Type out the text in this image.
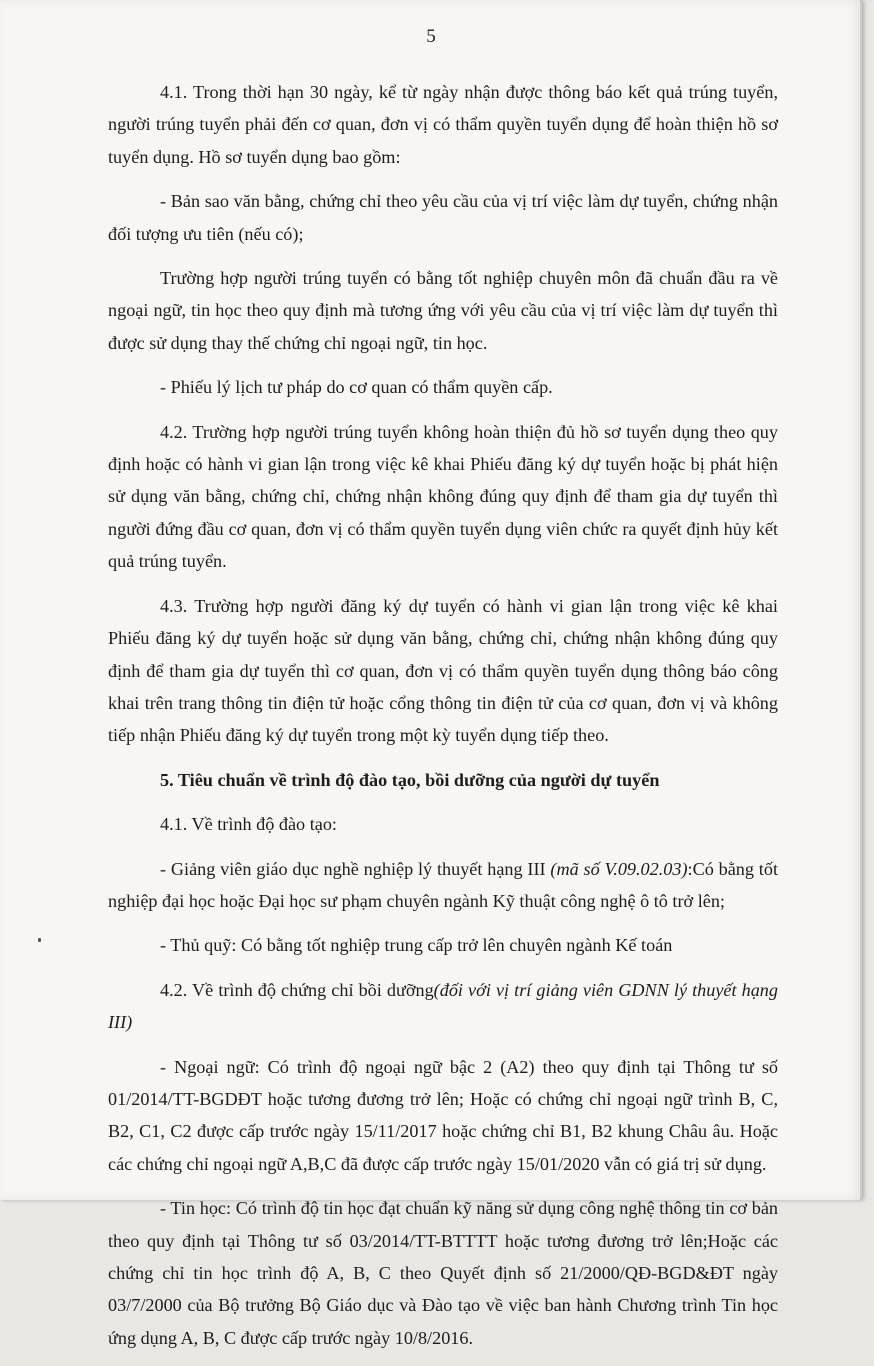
5

4.1. Trong thời hạn 30 ngày, kể từ ngày nhận được thông báo kết quả trúng tuyển, người trúng tuyển phải đến cơ quan, đơn vị có thẩm quyền tuyển dụng để hoàn thiện hồ sơ tuyển dụng. Hồ sơ tuyển dụng bao gồm:

- Bản sao văn bằng, chứng chỉ theo yêu cầu của vị trí việc làm dự tuyển, chứng nhận đối tượng ưu tiên (nếu có);

Trường hợp người trúng tuyển có bằng tốt nghiệp chuyên môn đã chuẩn đầu ra về ngoại ngữ, tin học theo quy định mà tương ứng với yêu cầu của vị trí việc làm dự tuyển thì được sử dụng thay thế chứng chỉ ngoại ngữ, tin học.

- Phiếu lý lịch tư pháp do cơ quan có thẩm quyền cấp.

4.2. Trường hợp người trúng tuyển không hoàn thiện đủ hồ sơ tuyển dụng theo quy định hoặc có hành vi gian lận trong việc kê khai Phiếu đăng ký dự tuyển hoặc bị phát hiện sử dụng văn bằng, chứng chỉ, chứng nhận không đúng quy định để tham gia dự tuyển thì người đứng đầu cơ quan, đơn vị có thẩm quyền tuyển dụng viên chức ra quyết định hủy kết quả trúng tuyển.

4.3. Trường hợp người đăng ký dự tuyển có hành vi gian lận trong việc kê khai Phiếu đăng ký dự tuyển hoặc sử dụng văn bằng, chứng chỉ, chứng nhận không đúng quy định để tham gia dự tuyển thì cơ quan, đơn vị có thẩm quyền tuyển dụng thông báo công khai trên trang thông tin điện tử hoặc cổng thông tin điện tử của cơ quan, đơn vị và không tiếp nhận Phiếu đăng ký dự tuyển trong một kỳ tuyển dụng tiếp theo.

5. Tiêu chuẩn về trình độ đào tạo, bồi dưỡng của người dự tuyển

4.1. Về trình độ đào tạo:

- Giảng viên giáo dục nghề nghiệp lý thuyết hạng III (mã số V.09.02.03):Có bằng tốt nghiệp đại học hoặc Đại học sư phạm chuyên ngành Kỹ thuật công nghệ ô tô trở lên;

- Thủ quỹ: Có bằng tốt nghiệp trung cấp trở lên chuyên ngành Kế toán

4.2. Về trình độ chứng chỉ bồi dưỡng(đối với vị trí giảng viên GDNN lý thuyết hạng III)

- Ngoại ngữ: Có trình độ ngoại ngữ bậc 2 (A2) theo quy định tại Thông tư số 01/2014/TT-BGDĐT hoặc tương đương trở lên; Hoặc có chứng chỉ ngoại ngữ trình B, C, B2, C1, C2 được cấp trước ngày 15/11/2017 hoặc chứng chỉ B1, B2 khung Châu âu. Hoặc các chứng chỉ ngoại ngữ A,B,C đã được cấp trước ngày 15/01/2020 vẫn có giá trị sử dụng.

- Tin học: Có trình độ tin học đạt chuẩn kỹ năng sử dụng công nghệ thông tin cơ bản theo quy định tại Thông tư số 03/2014/TT-BTTTT hoặc tương đương trở lên;Hoặc các chứng chỉ tin học trình độ A, B, C theo Quyết định số 21/2000/QĐ-BGD&ĐT ngày 03/7/2000 của Bộ trưởng Bộ Giáo dục và Đào tạo về việc ban hành Chương trình Tin học ứng dụng A, B, C được cấp trước ngày 10/8/2016.
